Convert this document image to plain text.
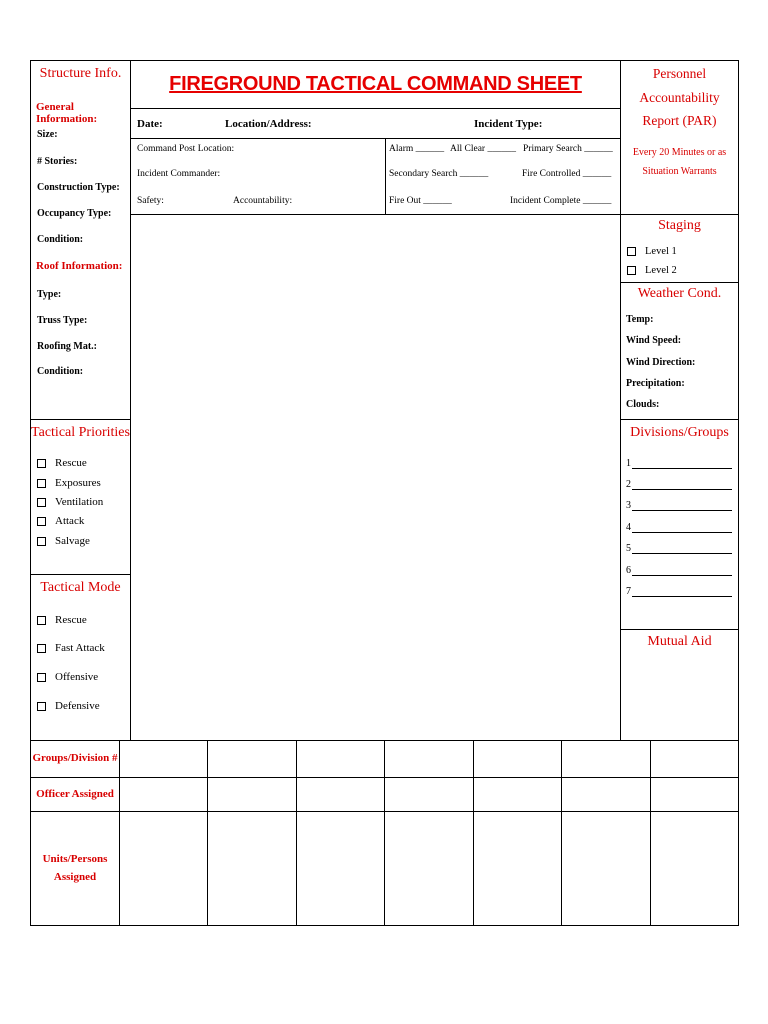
Structure Info.
General Information:
Size:
# Stories:
Construction Type:
Occupancy Type:
Condition:
Roof Information:
Type:
Truss Type:
Roofing Mat.:
Condition:
Tactical Priorities
Rescue
Exposures
Ventilation
Attack
Salvage
Tactical Mode
Rescue
Fast Attack
Offensive
Defensive
FIREGROUND TACTICAL COMMAND SHEET
Date:	Location/Address:	Incident Type:
Command Post Location:
Incident Commander:
Safety:	Accountability:
Alarm ______ All Clear ______ Primary Search ______
Secondary Search ______	Fire Controlled ______
Fire Out ______	Incident Complete ______
Personnel
Accountability
Report (PAR)
Every 20 Minutes or as
Situation Warrants
Staging
Level 1
Level 2
Weather Cond.
Temp:
Wind Speed:
Wind Direction:
Precipitation:
Clouds:
Divisions/Groups
1
2
3
4
5
6
7
Mutual Aid
Groups/Division #							
Officer Assigned							

Units/Persons
Assigned							
